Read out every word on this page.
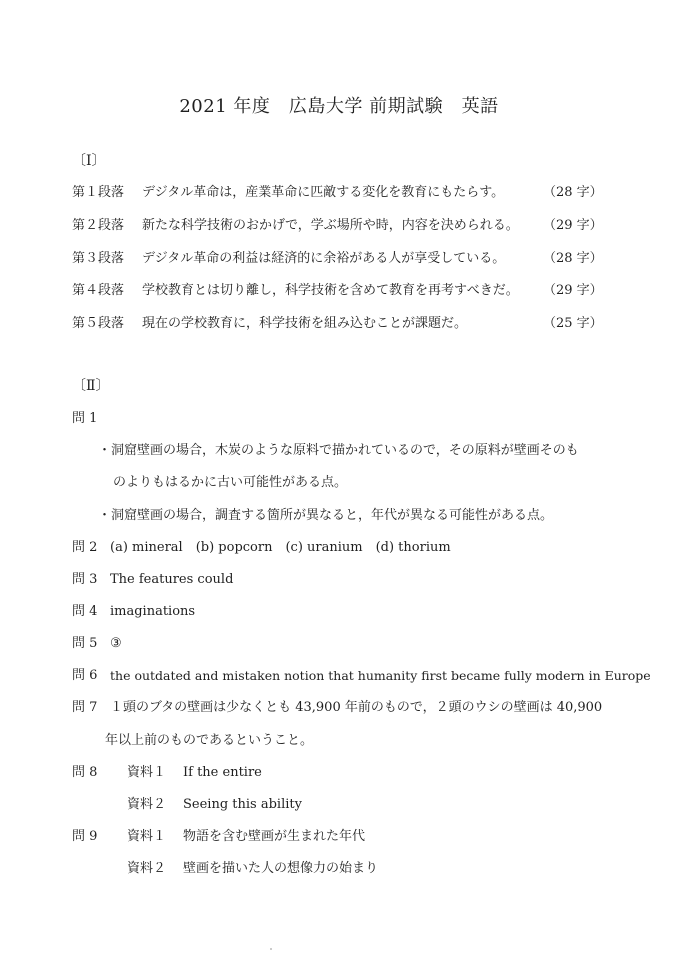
2021 年度　広島大学 前期試験　英語
〔Ⅰ〕
第１段落 デジタル革命は，産業革命に匹敵する変化を教育にもたらす。	（28 字）
第２段落 新たな科学技術のおかげで，学ぶ場所や時，内容を決められる。 （29 字）
第３段落 デジタル革命の利益は経済的に余裕がある人が享受している。	（28 字）
第４段落 学校教育とは切り離し，科学技術を含めて教育を再考すべきだ。 （29 字）
第５段落 現在の学校教育に，科学技術を組み込むことが課題だ。	（25 字）
〔Ⅱ〕
問 1
・洞窟壁画の場合，木炭のような原料で描かれているので，その原料が壁画そのも
のよりもはるかに古い可能性がある点。
・洞窟壁画の場合，調査する箇所が異なると，年代が異なる可能性がある点。
問 2 (a) mineral　(b) popcorn　(c) uranium　(d) thorium
問 3 The features could
問 4 imaginations
問 5 ③
問 6 the outdated and mistaken notion that humanity first became fully modern in Europe
問 7 １頭のブタの壁画は少なくとも 43,900 年前のもので，２頭のウシの壁画は 40,900
年以上前のものであるということ。
問 8 資料１ If the entire
資料２ Seeing this ability
問 9 資料１ 物語を含む壁画が生まれた年代
資料２ 壁画を描いた人の想像力の始まり
